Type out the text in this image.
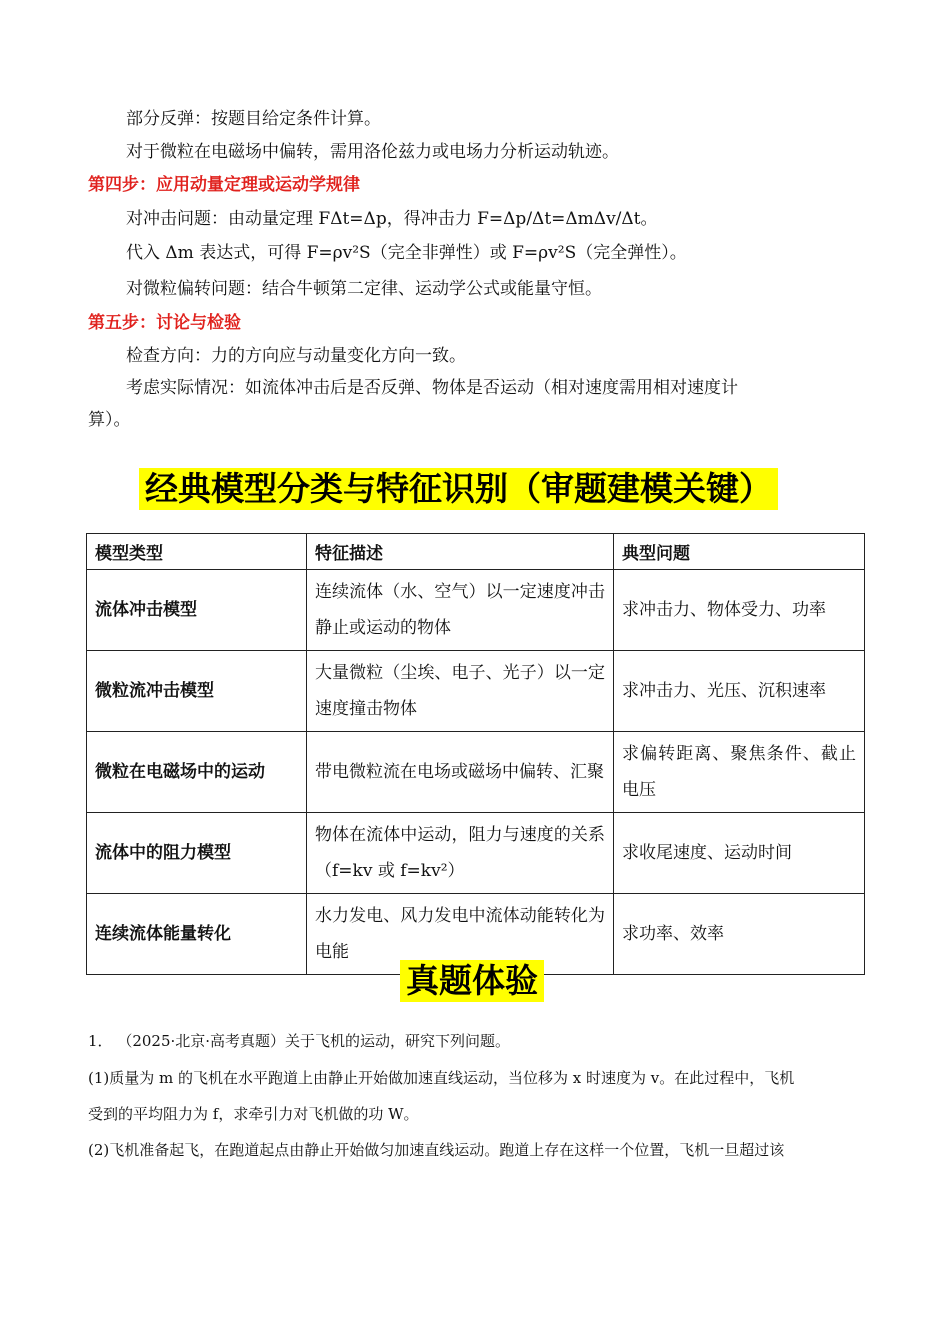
部分反弹：按题目给定条件计算。
对于微粒在电磁场中偏转，需用洛伦兹力或电场力分析运动轨迹。
第四步：应用动量定理或运动学规律
对冲击问题：由动量定理 FΔt=Δp，得冲击力 F=Δp/Δt=ΔmΔv/Δt。
代入 Δm 表达式，可得 F=ρv²S（完全非弹性）或 F=ρv²S（完全弹性）。
对微粒偏转问题：结合牛顿第二定律、运动学公式或能量守恒。
第五步：讨论与检验
检查方向：力的方向应与动量变化方向一致。
考虑实际情况：如流体冲击后是否反弹、物体是否运动（相对速度需用相对速度计
算）。
经典模型分类与特征识别（审题建模关键）
模型类型	特征描述	典型问题
流体冲击模型	连续流体（水、空气）以一定速度冲击静止或运动的物体	求冲击力、物体受力、功率
微粒流冲击模型	大量微粒（尘埃、电子、光子）以一定速度撞击物体	求冲击力、光压、沉积速率
微粒在电磁场中的运动	带电微粒流在电场或磁场中偏转、汇聚	求偏转距离、聚焦条件、截止电压
流体中的阻力模型	物体在流体中运动，阻力与速度的关系（f=kv 或 f=kv²）	求收尾速度、运动时间
连续流体能量转化	水力发电、风力发电中流体动能转化为电能	求功率、效率
真题体验
1． （2025·北京·高考真题）关于飞机的运动，研究下列问题。
(1)质量为 m 的飞机在水平跑道上由静止开始做加速直线运动，当位移为 x 时速度为 v。在此过程中，飞机
受到的平均阻力为 f，求牵引力对飞机做的功 W。
(2)飞机准备起飞，在跑道起点由静止开始做匀加速直线运动。跑道上存在这样一个位置，飞机一旦超过该
